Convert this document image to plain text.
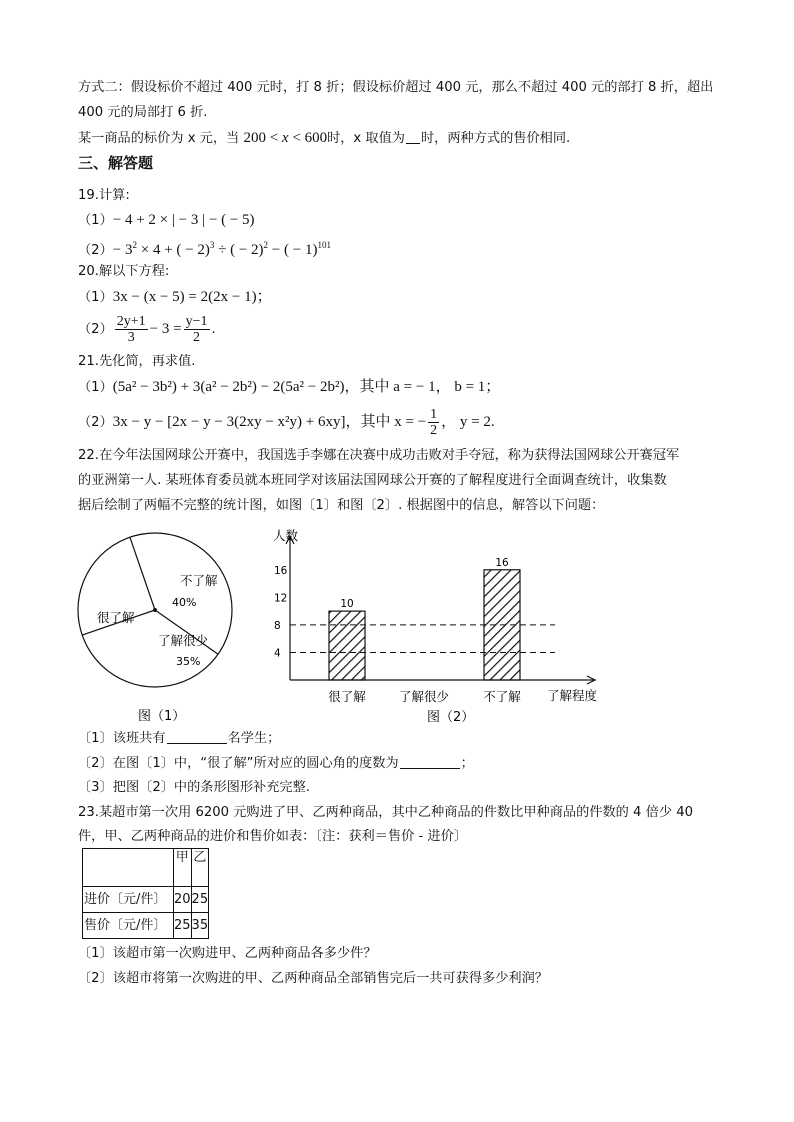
方式二：假设标价不超过 400 元时，打 8 折；假设标价超过 400 元，那么不超过 400 元的部打 8 折，超出
400 元的局部打 6 折.
某一商品的标价为 x 元，当 200 < x < 600时，x 取值为 时，两种方式的售价相同.
三、解答题
19.计算:
（1）− 4 + 2 × | − 3 | − ( − 5)
$(2)- 3^2 \times 4$ + ( − 2)$^3$ ÷ ( − 2)$^2$ − ( − 1)$^{101}$
20.解以下方程:
（1）3x − (x − 5) = 2(2x − 1)；
$(2) \frac{2y+1}{3} - 3 = \frac{y-1}{2}$ .
21.先化简，再求值.
（1）(5a² − 3b²) + 3(a² − 2b²) − 2(5a² − 2b²)，其中 a = − 1， b = 1；
（2）3x − y − [2x − y − 3(2xy − x²y) + 6xy]，其中 x = − $\frac{1}{2}$ ， y = 2.
22.在今年法国网球公开赛中，我国选手李娜在决赛中成功击败对手夺冠，称为获得法国网球公开赛冠军
的亚洲第一人. 某班体育委员就本班同学对该届法国网球公开赛的了解程度进行全面调查统计，收集数
据后绘制了两幅不完整的统计图，如图〔1〕和图〔2〕. 根据图中的信息，解答以下问题：
不了解
40%
了解很少
35%
很了解
图（1）
4
8
12
16
10
很了解	了解很少
16
不了解
人数
了解程度
图（2）
〔1〕该班共有	名学生；
〔2〕在图〔1〕中，“很了解”所对应的圆心角的度数为	；
〔3〕把图〔2〕中的条形图形补充完整.
23.某超市第一次用 6200 元购进了甲、乙两种商品，其中乙种商品的件数比甲种商品的件数的 4 倍少 40
件，甲、乙两种商品的进价和售价如表：〔注：获利＝售价 - 进价〕
	甲	乙
进价〔元/件〕	20	25
售价〔元/件〕	25	35
〔1〕该超市第一次购进甲、乙两种商品各多少件？
〔2〕该超市将第一次购进的甲、乙两种商品全部销售完后一共可获得多少利润？
